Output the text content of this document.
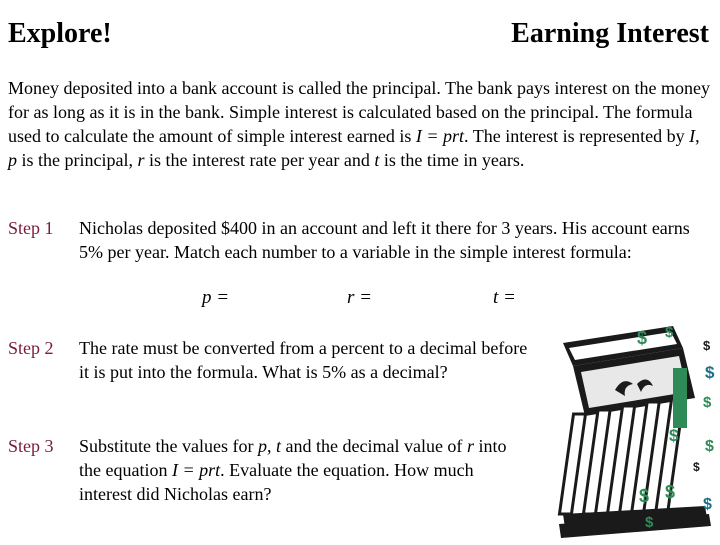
Explore!	Earning Interest
Money deposited into a bank account is called the principal. The bank pays interest on the money for as long as it is in the bank. Simple interest is calculated based on the principal. The formula used to calculate the amount of simple interest earned is I = prt. The interest is represented by I, p is the principal, r is the interest rate per year and t is the time in years.
Step 1 Nicholas deposited $400 in an account and left it there for 3 years. His account earns 5% per year. Match each number to a variable in the simple interest formula:
p =	r =	t =
Step 2 The rate must be converted from a percent to a decimal before it is put into the formula. What is 5% as a decimal?
Step 3 Substitute the values for p, t and the decimal value of r into the equation I = prt. Evaluate the equation. How much interest did Nicholas earn?
$ $
$
$
$
$
$
$
$ $
$
$
